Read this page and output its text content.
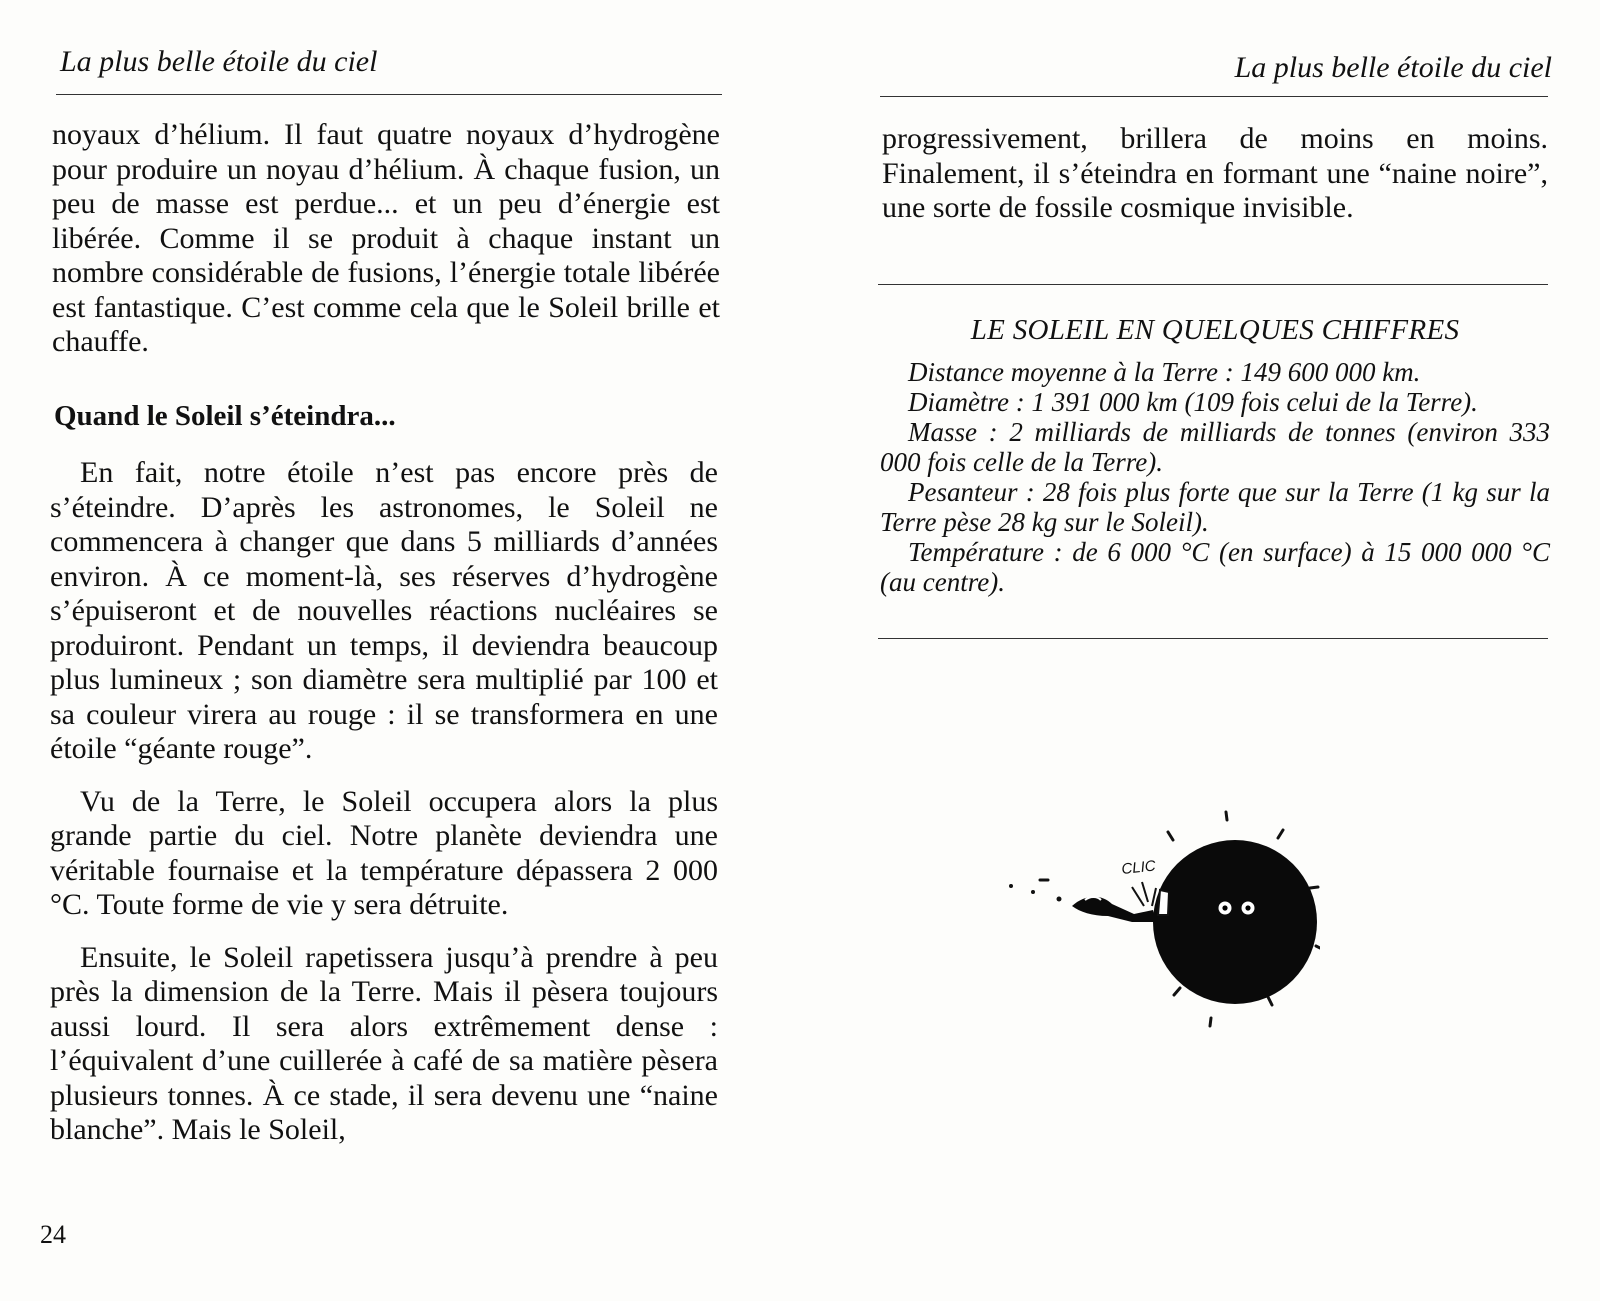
La plus belle étoile du ciel

noyaux d’hélium. Il faut quatre noyaux d’hydrogène pour produire un noyau d’hélium. À chaque fusion, un peu de masse est perdue... et un peu d’énergie est libérée. Comme il se produit à chaque instant un nombre considérable de fusions, l’énergie totale libérée est fantastique. C’est comme cela que le Soleil brille et chauffe.

Quand le Soleil s’éteindra...

En fait, notre étoile n’est pas encore près de s’éteindre. D’après les astronomes, le Soleil ne commencera à changer que dans 5 milliards d’années environ. À ce moment-là, ses réserves d’hydrogène s’épuiseront et de nouvelles réactions nucléaires se produiront. Pendant un temps, il deviendra beaucoup plus lumineux ; son diamètre sera multiplié par 100 et sa couleur virera au rouge : il se transformera en une étoile “géante rouge”.

Vu de la Terre, le Soleil occupera alors la plus grande partie du ciel. Notre planète deviendra une véritable fournaise et la température dépassera 2 000 °C. Toute forme de vie y sera détruite.

Ensuite, le Soleil rapetissera jusqu’à prendre à peu près la dimension de la Terre. Mais il pèsera toujours aussi lourd. Il sera alors extrêmement dense : l’équivalent d’une cuillerée à café de sa matière pèsera plusieurs tonnes. À ce stade, il sera devenu une “naine blanche”. Mais le Soleil,

24
La plus belle étoile du ciel

progressivement, brillera de moins en moins. Finalement, il s’éteindra en formant une “naine noire”, une sorte de fossile cosmique invisible.

LE SOLEIL EN QUELQUES CHIFFRES

Distance moyenne à la Terre : 149 600 000 km.

Diamètre : 1 391 000 km (109 fois celui de la Terre).

Masse : 2 milliards de milliards de tonnes (environ 333 000 fois celle de la Terre).

Pesanteur : 28 fois plus forte que sur la Terre (1 kg sur la Terre pèse 28 kg sur le Soleil).

Température : de 6 000 °C (en surface) à 15 000 000 °C (au centre).

CLIC
